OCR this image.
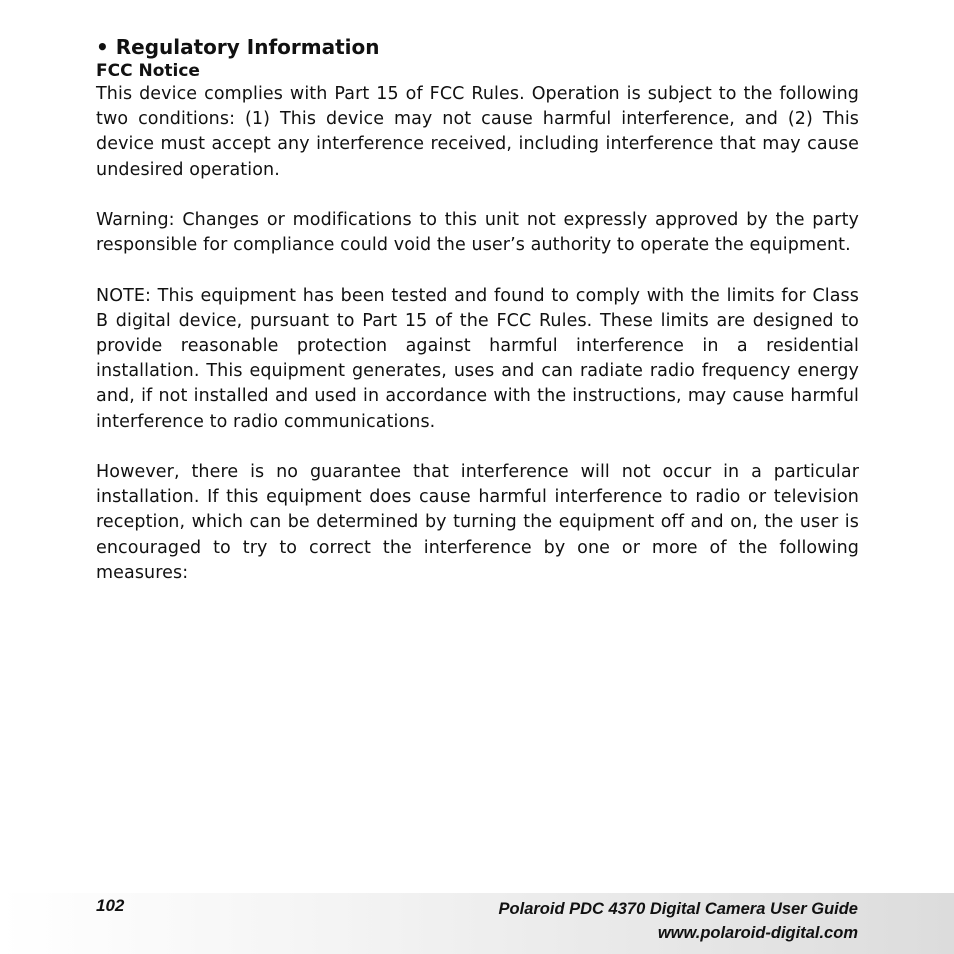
• Regulatory Information
FCC Notice

This device complies with Part 15 of FCC Rules. Operation is subject to the following two conditions: (1) This device may not cause harmful interference, and (2) This device must accept any interference received, including interference that may cause undesired operation.

Warning: Changes or modifications to this unit not expressly approved by the party responsible for compliance could void the user’s authority to operate the equipment.

NOTE: This equipment has been tested and found to comply with the limits for Class B digital device, pursuant to Part 15 of the FCC Rules. These limits are designed to provide reasonable protection against harmful interference in a residential installation. This equipment generates, uses and can radiate radio frequency energy and, if not installed and used in accordance with the instructions, may cause harmful interference to radio communications.

However, there is no guarantee that interference will not occur in a particular installation. If this equipment does cause harmful interference to radio or television reception, which can be determined by turning the equipment off and on, the user is encouraged to try to correct the interference by one or more of the following measures:

102	Polaroid PDC 4370 Digital Camera User Guide
www.polaroid-digital.com
